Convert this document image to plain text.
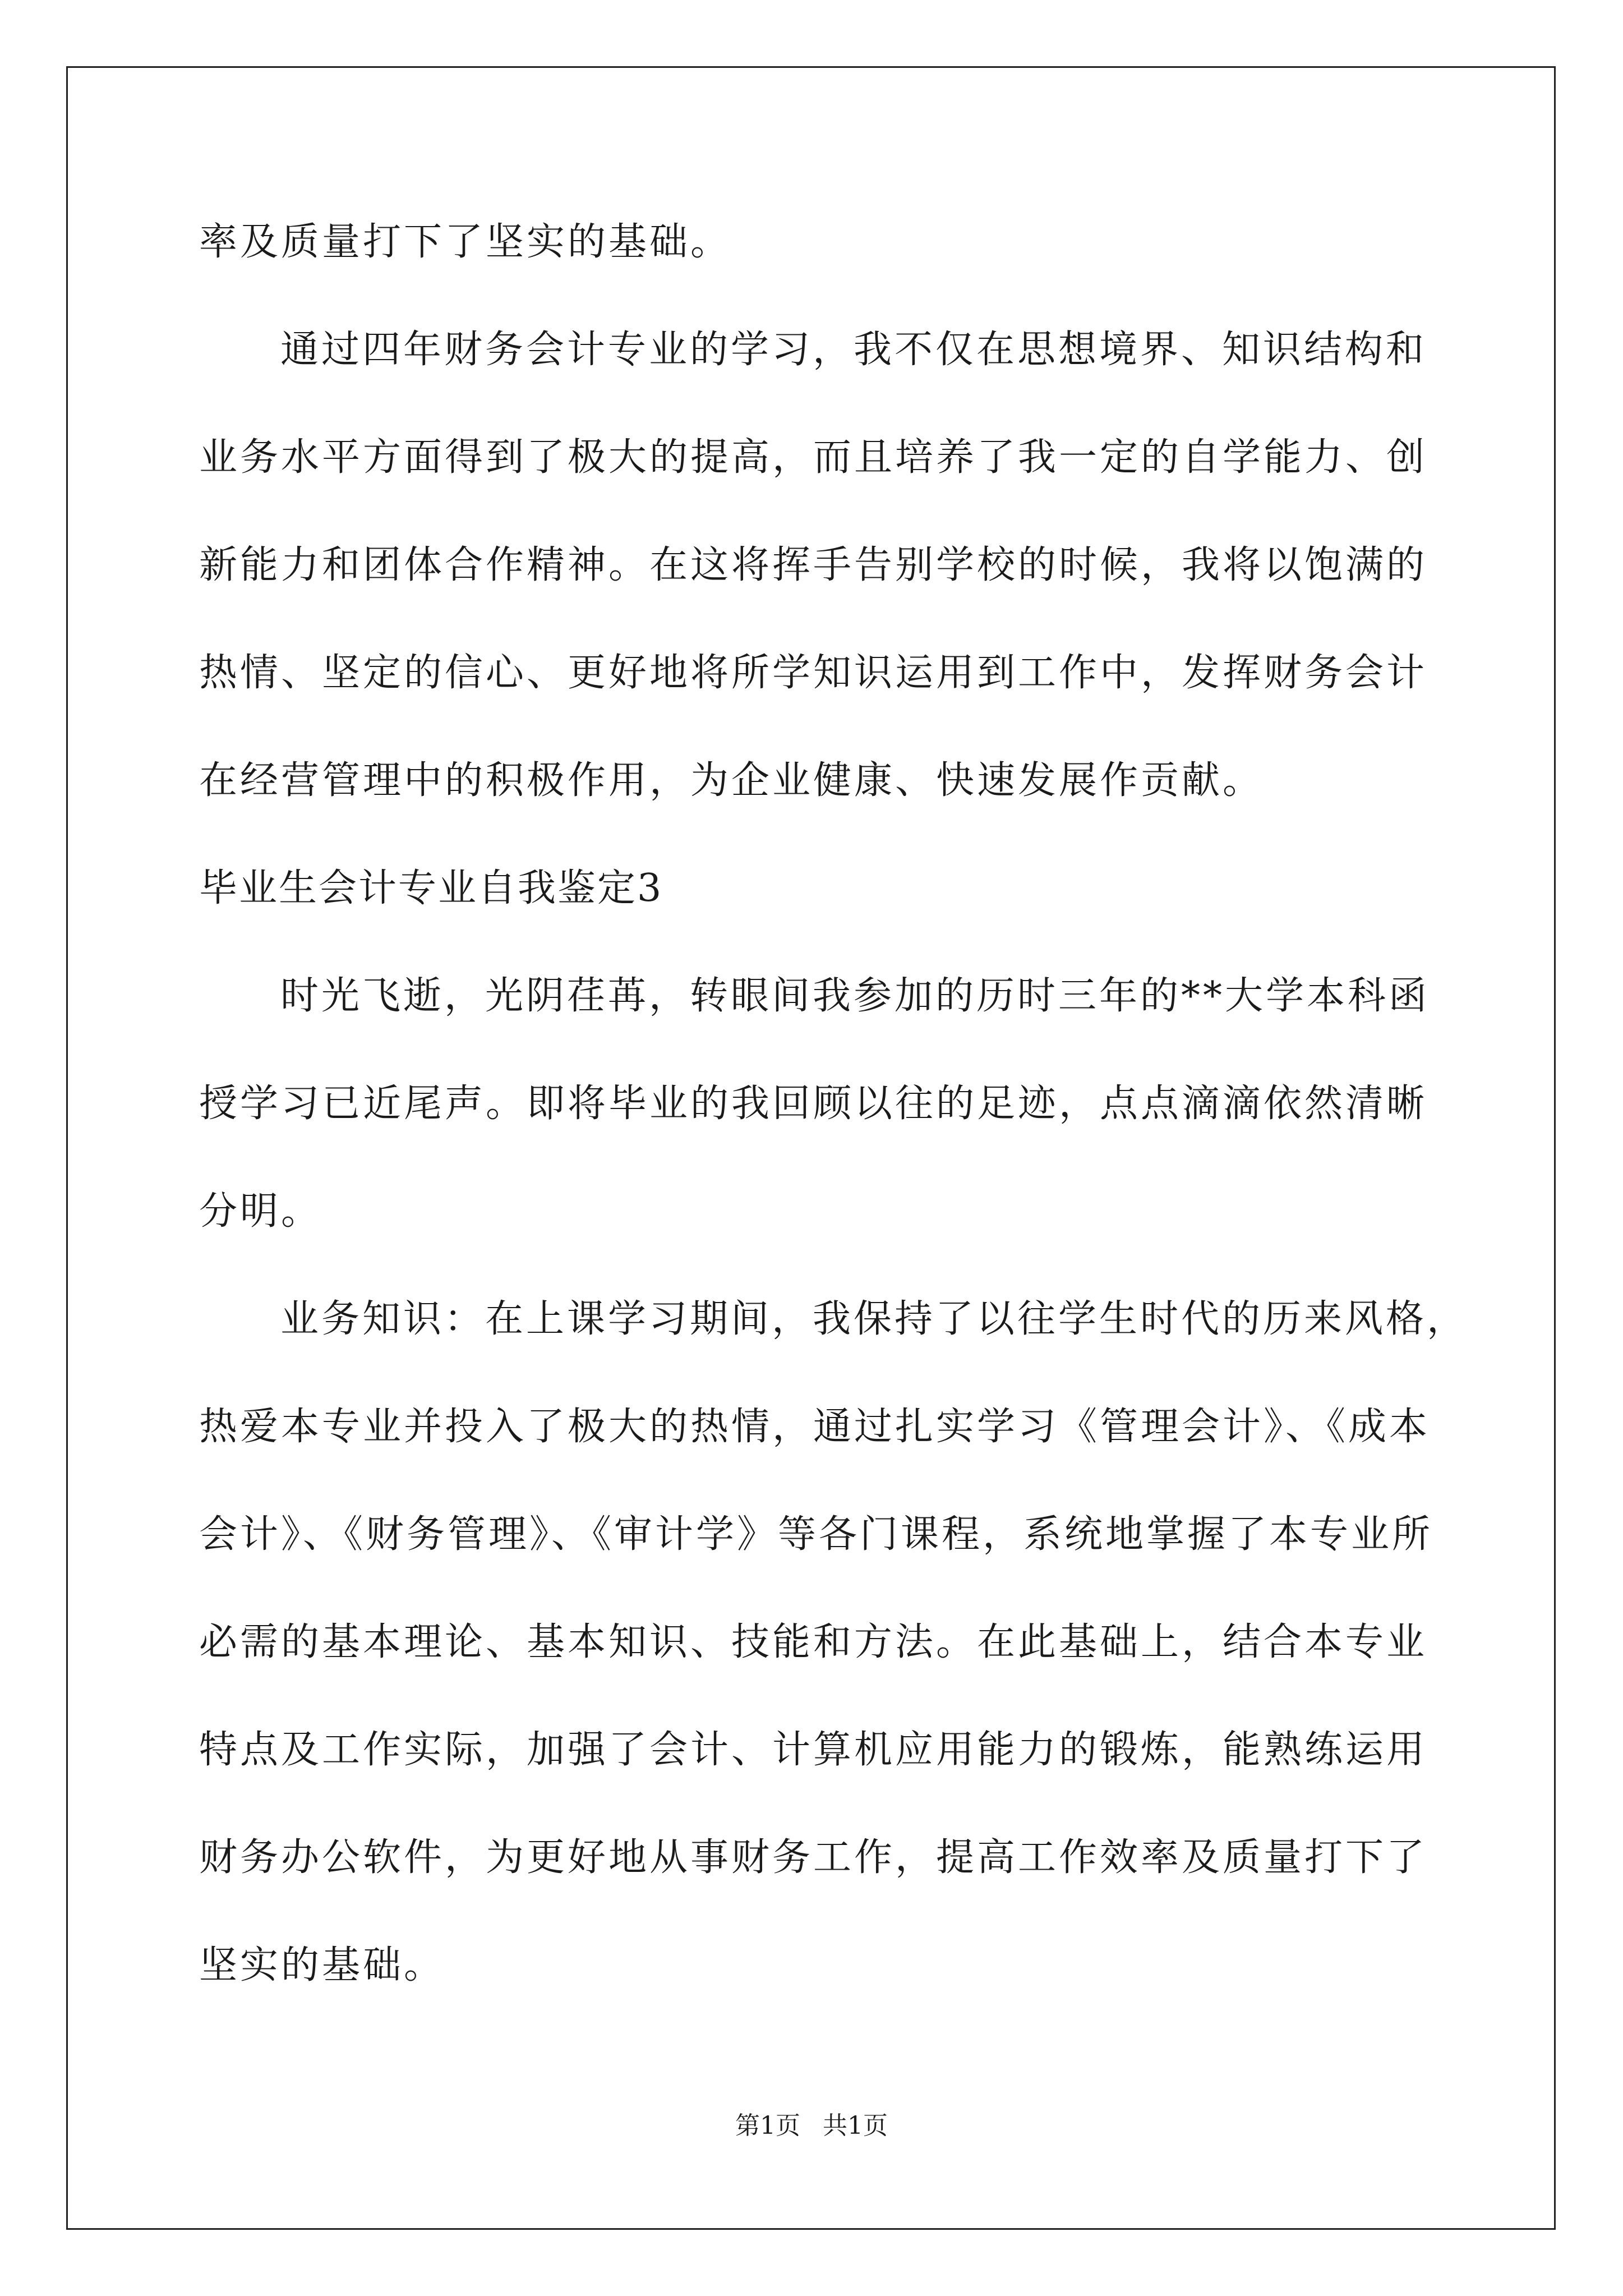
率及质量打下了坚实的基础。
通过四年财务会计专业的学习，我不仅在思想境界、知识结构和
业务水平方面得到了极大的提高，而且培养了我一定的自学能力、创
新能力和团体合作精神。在这将挥手告别学校的时候，我将以饱满的
热情、坚定的信心、更好地将所学知识运用到工作中，发挥财务会计
在经营管理中的积极作用，为企业健康、快速发展作贡献。
毕业生会计专业自我鉴定3
时光飞逝，光阴荏苒，转眼间我参加的历时三年的**大学本科函
授学习已近尾声。即将毕业的我回顾以往的足迹，点点滴滴依然清晰
分明。
业务知识：在上课学习期间，我保持了以往学生时代的历来风格，
热爱本专业并投入了极大的热情，通过扎实学习《管理会计》、《成本
会计》、《财务管理》、《审计学》等各门课程，系统地掌握了本专业所
必需的基本理论、基本知识、技能和方法。在此基础上，结合本专业
特点及工作实际，加强了会计、计算机应用能力的锻炼，能熟练运用
财务办公软件，为更好地从事财务工作，提高工作效率及质量打下了
坚实的基础。
第1页 共1页
